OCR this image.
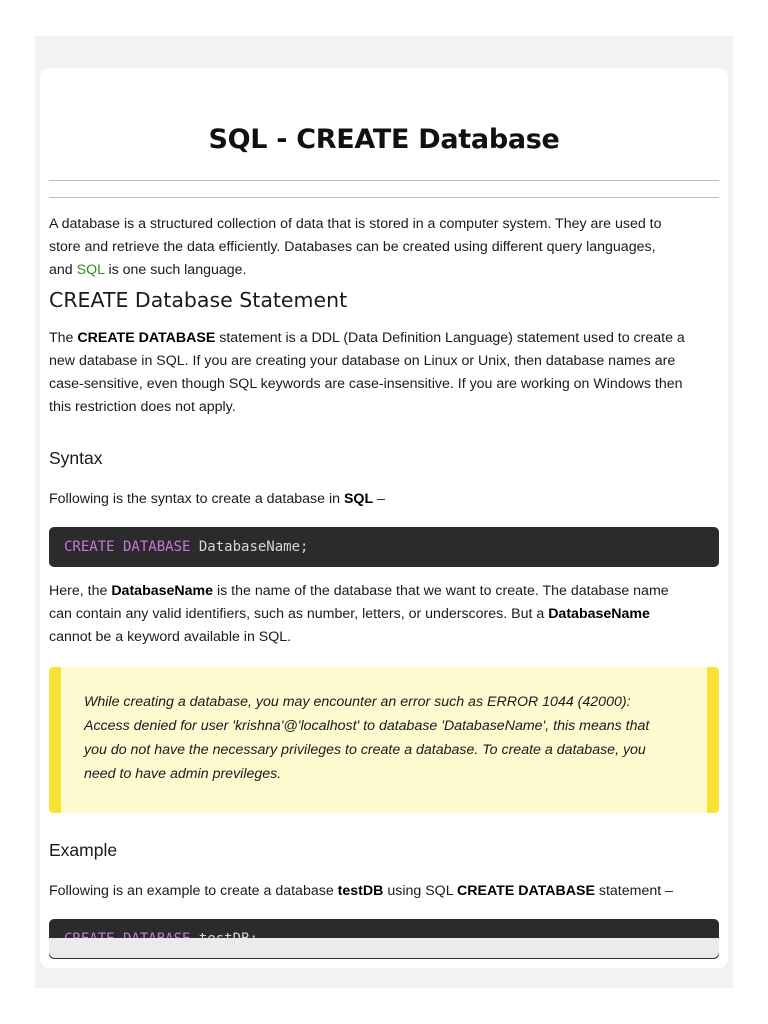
SQL - CREATE Database
A database is a structured collection of data that is stored in a computer system. They are used to
store and retrieve the data efficiently. Databases can be created using different query languages,
and SQL is one such language.
CREATE Database Statement
The CREATE DATABASE statement is a DDL (Data Definition Language) statement used to create a
new database in SQL. If you are creating your database on Linux or Unix, then database names are
case-sensitive, even though SQL keywords are case-insensitive. If you are working on Windows then
this restriction does not apply.
Syntax
Following is the syntax to create a database in SQL –
CREATE DATABASE DatabaseName;
Here, the DatabaseName is the name of the database that we want to create. The database name
can contain any valid identifiers, such as number, letters, or underscores. But a DatabaseName
cannot be a keyword available in SQL.
While creating a database, you may encounter an error such as ERROR 1044 (42000):
Access denied for user 'krishna'@'localhost' to database 'DatabaseName', this means that
you do not have the necessary privileges to create a database. To create a database, you
need to have admin previleges.
Example
Following is an example to create a database testDB using SQL CREATE DATABASE statement –
